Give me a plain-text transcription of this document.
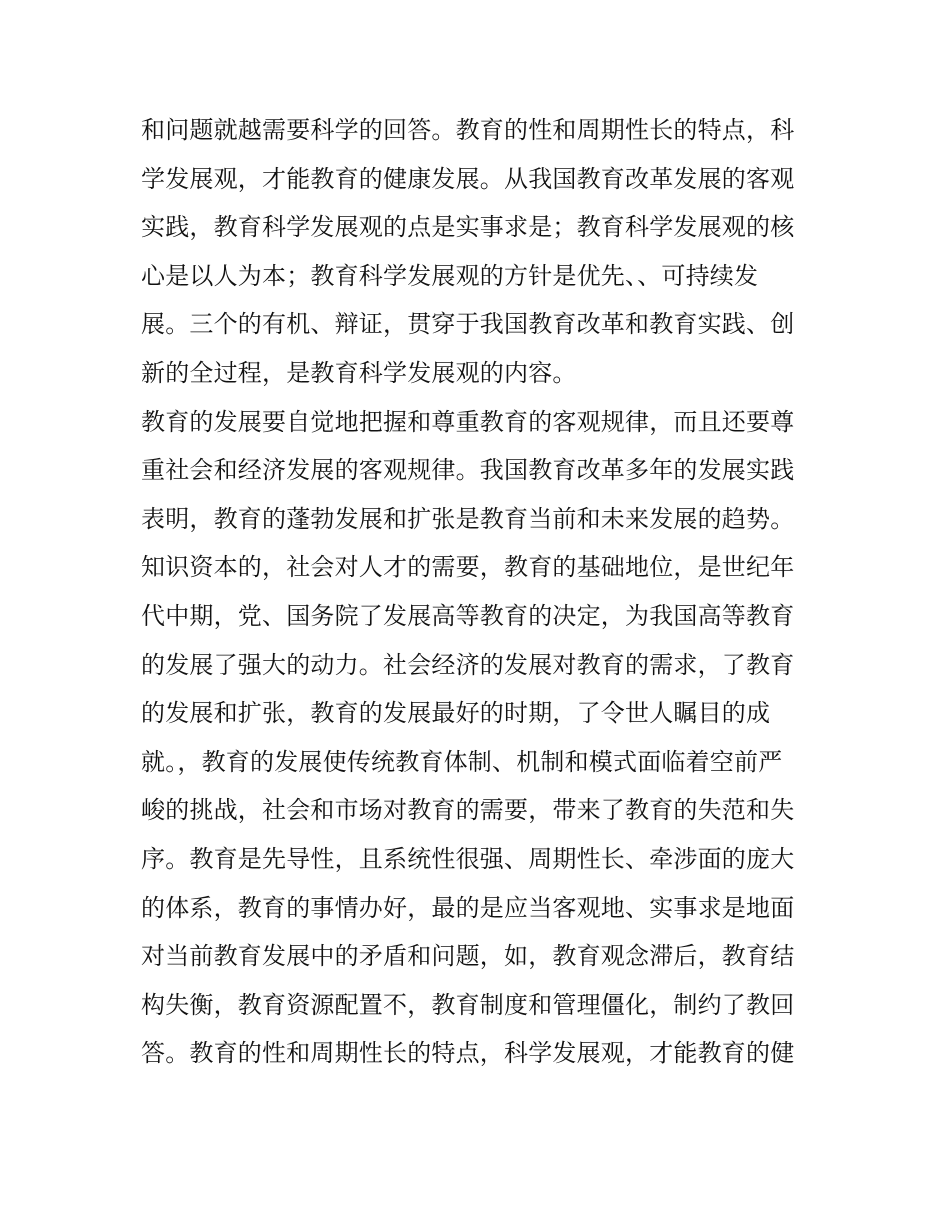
和问题就越需要科学的回答。教育的性和周期性长的特点，科
学发展观，才能教育的健康发展。从我国教育改革发展的客观
实践，教育科学发展观的点是实事求是；教育科学发展观的核
心是以人为本；教育科学发展观的方针是优先、、可持续发
展。三个的有机、辩证，贯穿于我国教育改革和教育实践、创
新的全过程，是教育科学发展观的内容。
教育的发展要自觉地把握和尊重教育的客观规律，而且还要尊
重社会和经济发展的客观规律。我国教育改革多年的发展实践
表明，教育的蓬勃发展和扩张是教育当前和未来发展的趋势。
知识资本的，社会对人才的需要，教育的基础地位，是世纪年
代中期，党、国务院了发展高等教育的决定，为我国高等教育
的发展了强大的动力。社会经济的发展对教育的需求，了教育
的发展和扩张，教育的发展最好的时期，了令世人瞩目的成
就。，教育的发展使传统教育体制、机制和模式面临着空前严
峻的挑战，社会和市场对教育的需要，带来了教育的失范和失
序。教育是先导性，且系统性很强、周期性长、牵涉面的庞大
的体系，教育的事情办好，最的是应当客观地、实事求是地面
对当前教育发展中的矛盾和问题，如，教育观念滞后，教育结
构失衡，教育资源配置不，教育制度和管理僵化，制约了教回
答。教育的性和周期性长的特点，科学发展观，才能教育的健
